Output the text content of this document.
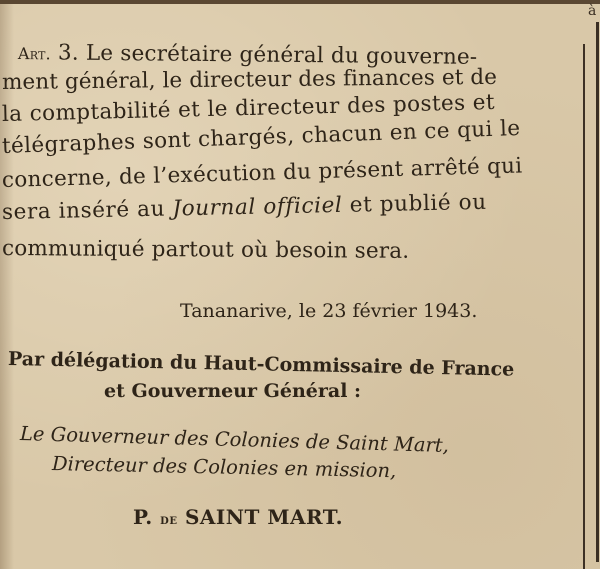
à
Art. 3. Le secrétaire général du gouverne-
ment général, le directeur des finances et de
la comptabilité et le directeur des postes et
télégraphes sont chargés, chacun en ce qui le
concerne, de l’exécution du présent arrêté qui
sera inséré au Journal officiel et publié ou
communiqué partout où besoin sera.
Tananarive, le 23 février 1943.
Par délégation du Haut-Commissaire de France
et Gouverneur Général :
Le Gouverneur des Colonies de Saint Mart,
Directeur des Colonies en mission,
P. de SAINT MART.
